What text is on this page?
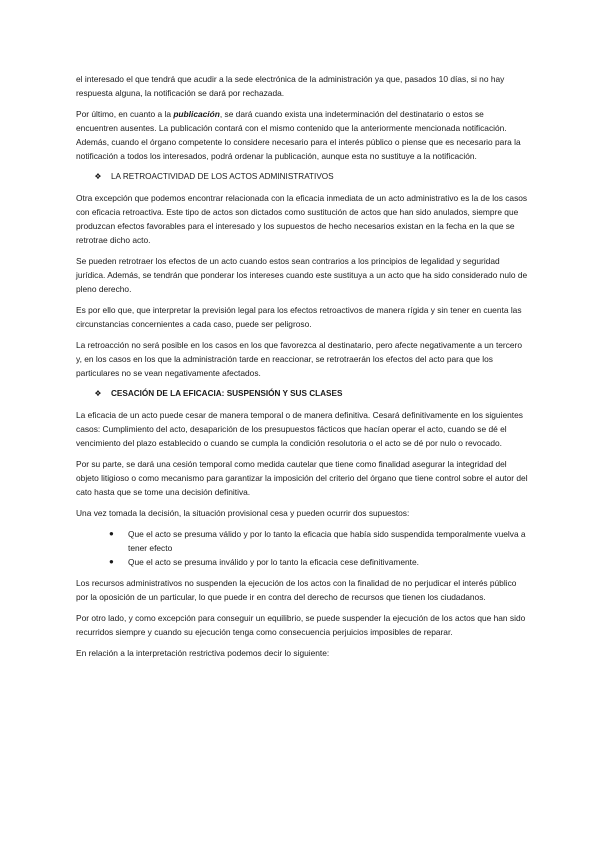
el interesado el que tendrá que acudir a la sede electrónica de la administración ya que, pasados 10 días, si no hay respuesta alguna, la notificación se dará por rechazada.

Por último, en cuanto a la publicación, se dará cuando exista una indeterminación del destinatario o estos se encuentren ausentes. La publicación contará con el mismo contenido que la anteriormente mencionada notificación. Además, cuando el órgano competente lo considere necesario para el interés público o piense que es necesario para la notificación a todos los interesados, podrá ordenar la publicación, aunque esta no sustituye a la notificación.

❖ LA RETROACTIVIDAD DE LOS ACTOS ADMINISTRATIVOS

Otra excepción que podemos encontrar relacionada con la eficacia inmediata de un acto administrativo es la de los casos con eficacia retroactiva. Este tipo de actos son dictados como sustitución de actos que han sido anulados, siempre que produzcan efectos favorables para el interesado y los supuestos de hecho necesarios existan en la fecha en la que se retrotrae dicho acto.

Se pueden retrotraer los efectos de un acto cuando estos sean contrarios a los principios de legalidad y seguridad jurídica. Además, se tendrán que ponderar los intereses cuando este sustituya a un acto que ha sido considerado nulo de pleno derecho.

Es por ello que, que interpretar la previsión legal para los efectos retroactivos de manera rígida y sin tener en cuenta las circunstancias concernientes a cada caso, puede ser peligroso.

La retroacción no será posible en los casos en los que favorezca al destinatario, pero afecte negativamente a un tercero y, en los casos en los que la administración tarde en reaccionar, se retrotraerán los efectos del acto para que los particulares no se vean negativamente afectados.

❖ CESACIÓN DE LA EFICACIA: SUSPENSIÓN Y SUS CLASES

La eficacia de un acto puede cesar de manera temporal o de manera definitiva. Cesará definitivamente en los siguientes casos: Cumplimiento del acto, desaparición de los presupuestos fácticos que hacían operar el acto, cuando se dé el vencimiento del plazo establecido o cuando se cumpla la condición resolutoria o el acto se dé por nulo o revocado.

Por su parte, se dará una cesión temporal como medida cautelar que tiene como finalidad asegurar la integridad del objeto litigioso o como mecanismo para garantizar la imposición del criterio del órgano que tiene control sobre el autor del cato hasta que se tome una decisión definitiva.

Una vez tomada la decisión, la situación provisional cesa y pueden ocurrir dos supuestos:

● Que el acto se presuma válido y por lo tanto la eficacia que había sido suspendida temporalmente vuelva a tener efecto
● Que el acto se presuma inválido y por lo tanto la eficacia cese definitivamente.

Los recursos administrativos no suspenden la ejecución de los actos con la finalidad de no perjudicar el interés público por la oposición de un particular, lo que puede ir en contra del derecho de recursos que tienen los ciudadanos.

Por otro lado, y como excepción para conseguir un equilibrio, se puede suspender la ejecución de los actos que han sido recurridos siempre y cuando su ejecución tenga como consecuencia perjuicios imposibles de reparar.

En relación a la interpretación restrictiva podemos decir lo siguiente:
